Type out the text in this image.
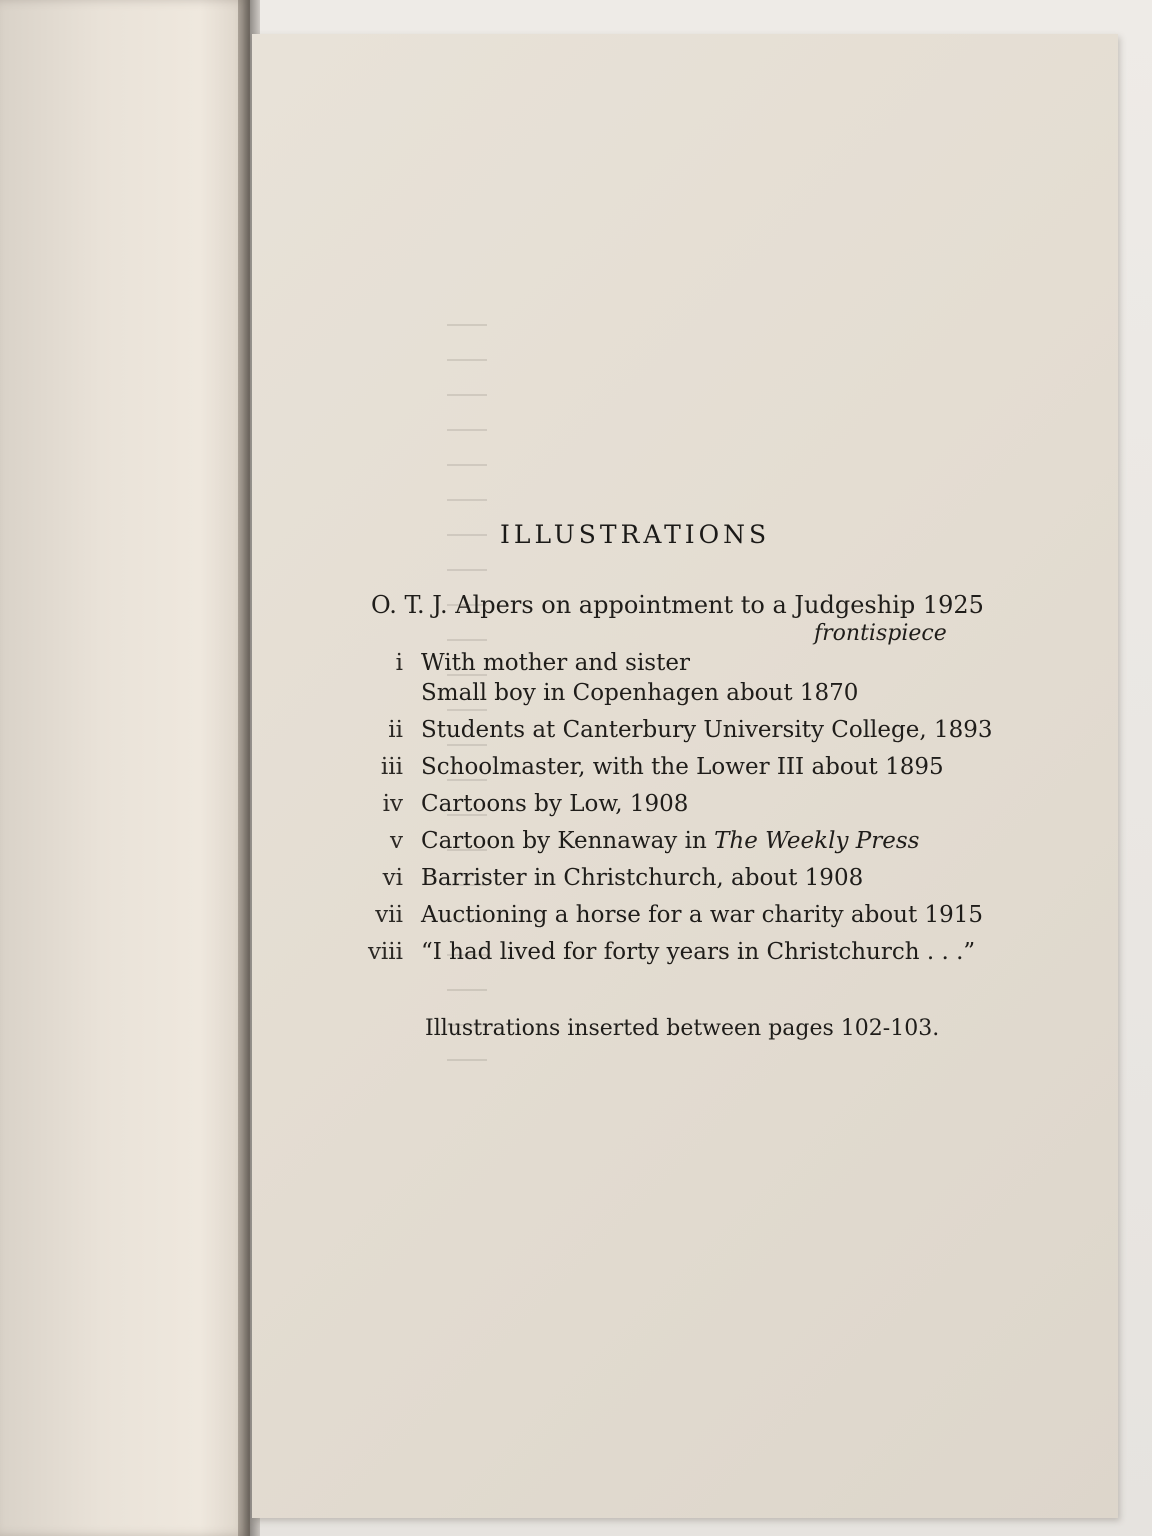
ILLUSTRATIONS
O. T. J. Alpers on appointment to a Judgeship 1925
frontispiece
i With mother and sister
Small boy in Copenhagen about 1870
ii Students at Canterbury University College, 1893
iii Schoolmaster, with the Lower III about 1895
iv Cartoons by Low, 1908
v Cartoon by Kennaway in The Weekly Press
vi Barrister in Christchurch, about 1908
vii Auctioning a horse for a war charity about 1915
viii “I had lived for forty years in Christchurch . . .”
Illustrations inserted between pages 102-103.
